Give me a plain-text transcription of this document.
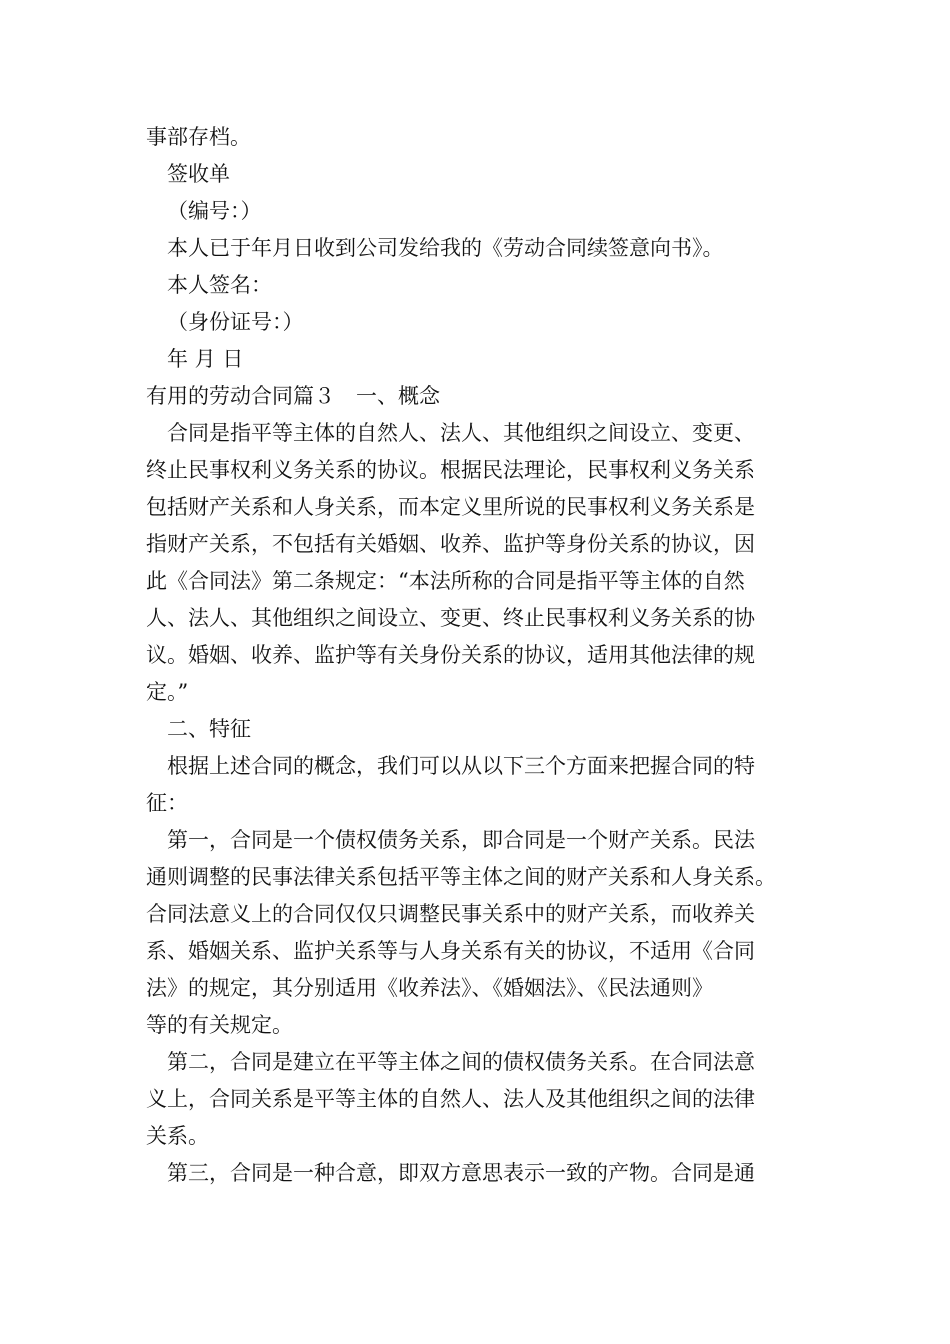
事部存档。
签收单
（编号：）
本人已于年月日收到公司发给我的《劳动合同续签意向书》。
本人签名：
（身份证号：）
年 月 日
有用的劳动合同篇３　一、概念
合同是指平等主体的自然人、法人、其他组织之间设立、变更、
终止民事权利义务关系的协议。根据民法理论，民事权利义务关系
包括财产关系和人身关系，而本定义里所说的民事权利义务关系是
指财产关系，不包括有关婚姻、收养、监护等身份关系的协议，因
此《合同法》第二条规定：“本法所称的合同是指平等主体的自然
人、法人、其他组织之间设立、变更、终止民事权利义务关系的协
议。婚姻、收养、监护等有关身份关系的协议，适用其他法律的规
定。”
二、特征
根据上述合同的概念，我们可以从以下三个方面来把握合同的特
征：
第一，合同是一个债权债务关系，即合同是一个财产关系。民法
通则调整的民事法律关系包括平等主体之间的财产关系和人身关系。
合同法意义上的合同仅仅只调整民事关系中的财产关系，而收养关
系、婚姻关系、监护关系等与人身关系有关的协议，不适用《合同
法》的规定，其分别适用《收养法》、《婚姻法》、《民法通则》
等的有关规定。
第二，合同是建立在平等主体之间的债权债务关系。在合同法意
义上，合同关系是平等主体的自然人、法人及其他组织之间的法律
关系。
第三，合同是一种合意，即双方意思表示一致的产物。合同是通
